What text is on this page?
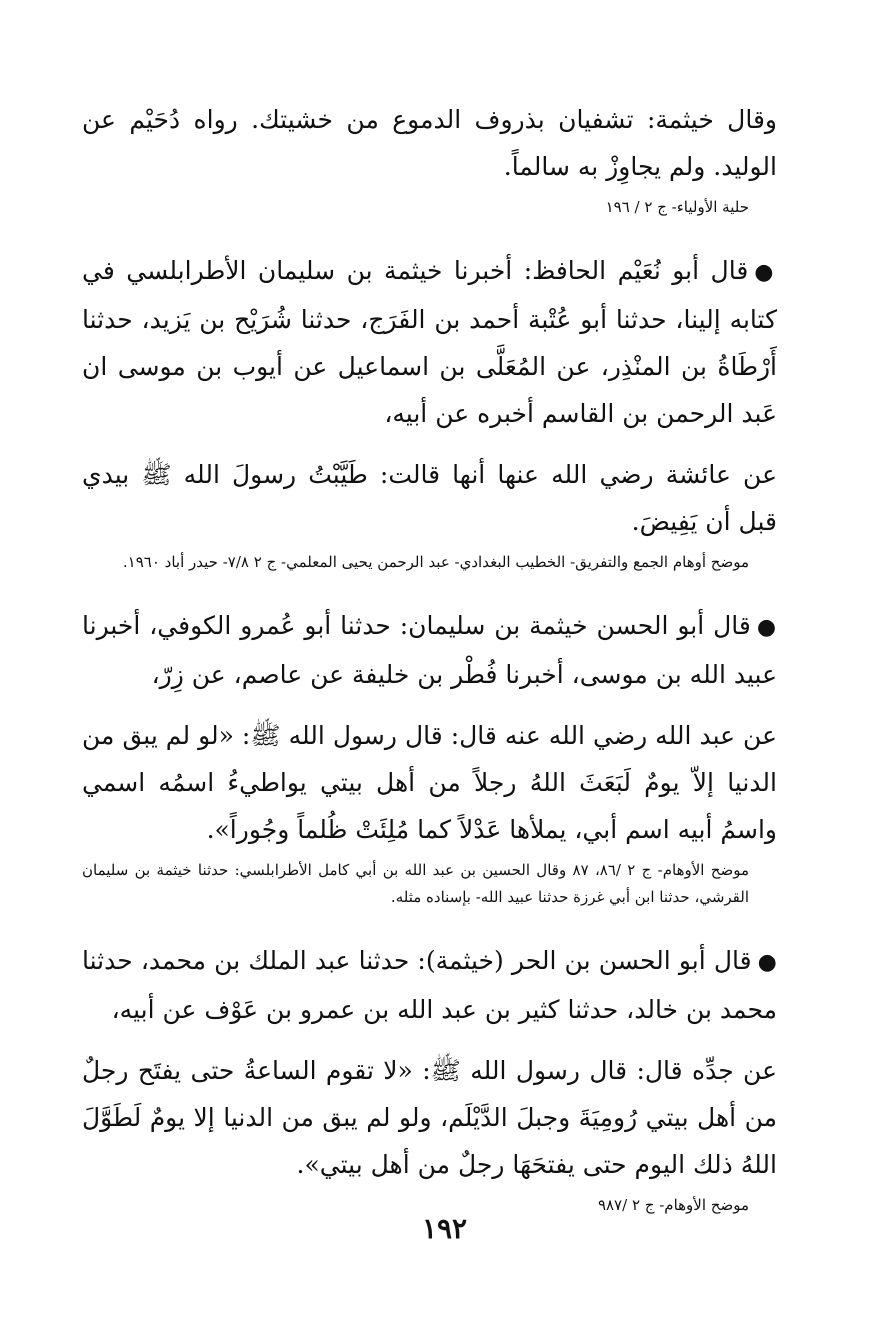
وقال خيثمة: تشفيان بذروف الدموع من خشيتك. رواه دُحَيْم عن الوليد. ولم يجاوِزْ به سالماً.

حلية الأولياء- ج ٢ / ١٩٦

●قال أبو نُعَيْم الحافظ: أخبرنا خيثمة بن سليمان الأطرابلسي في كتابه إلينا، حدثنا أبو عُتْبة أحمد بن الفَرَج، حدثنا شُرَيْح بن يَزيد، حدثنا أَرْطَاةُ بن المنْذِر، عن المُعَلَّى بن اسماعيل عن أيوب بن موسى ان عَبد الرحمن بن القاسم أخبره عن أبيه،

عن عائشة رضي الله عنها أنها قالت: طَيَّبْتُ رسولَ الله ﷺ بيدي قبل أن يَفِيضَ.

موضح أوهام الجمع والتفريق- الخطيب البغدادي- عبد الرحمن يحيى المعلمي- ج ٢ ٧/٨- حيدر أباد ١٩٦٠.

●قال أبو الحسن خيثمة بن سليمان: حدثنا أبو عُمرو الكوفي، أخبرنا عبيد الله بن موسى، أخبرنا فُطْر بن خليفة عن عاصم، عن زِرّ،

عن عبد الله رضي الله عنه قال: قال رسول الله ﷺ: «لو لم يبق من الدنيا إلاّ يومٌ لَبَعَثَ اللهُ رجلاً من أهل بيتي يواطيءُ اسمُه اسمي واسمُ أبيه اسم أبي، يملأها عَدْلاً كما مُلِئَتْ ظُلماً وجُوراً».

موضح الأوهام- ج ٢ /٨٦، ٨٧ وقال الحسين بن عبد الله بن أبي كامل الأطرابلسي: حدثنا خيثمة بن سليمان القرشي، حدثنا ابن أبي غرزة حدثنا عبيد الله- بإسناده مثله.

●قال أبو الحسن بن الحر (خيثمة): حدثنا عبد الملك بن محمد، حدثنا محمد بن خالد، حدثنا كثير بن عبد الله بن عمرو بن عَوْف عن أبيه،

عن جدِّه قال: قال رسول الله ﷺ: «لا تقوم الساعةُ حتى يفتَح رجلٌ من أهل بيتي رُومِيَةَ وجبلَ الدَّيْلَم، ولو لم يبق من الدنيا إلا يومٌ لَطَوَّلَ اللهُ ذلك اليوم حتى يفتحَهَا رجلٌ من أهل بيتي».

موضح الأوهام- ج ٢ /٩٨٧

١٩٢
